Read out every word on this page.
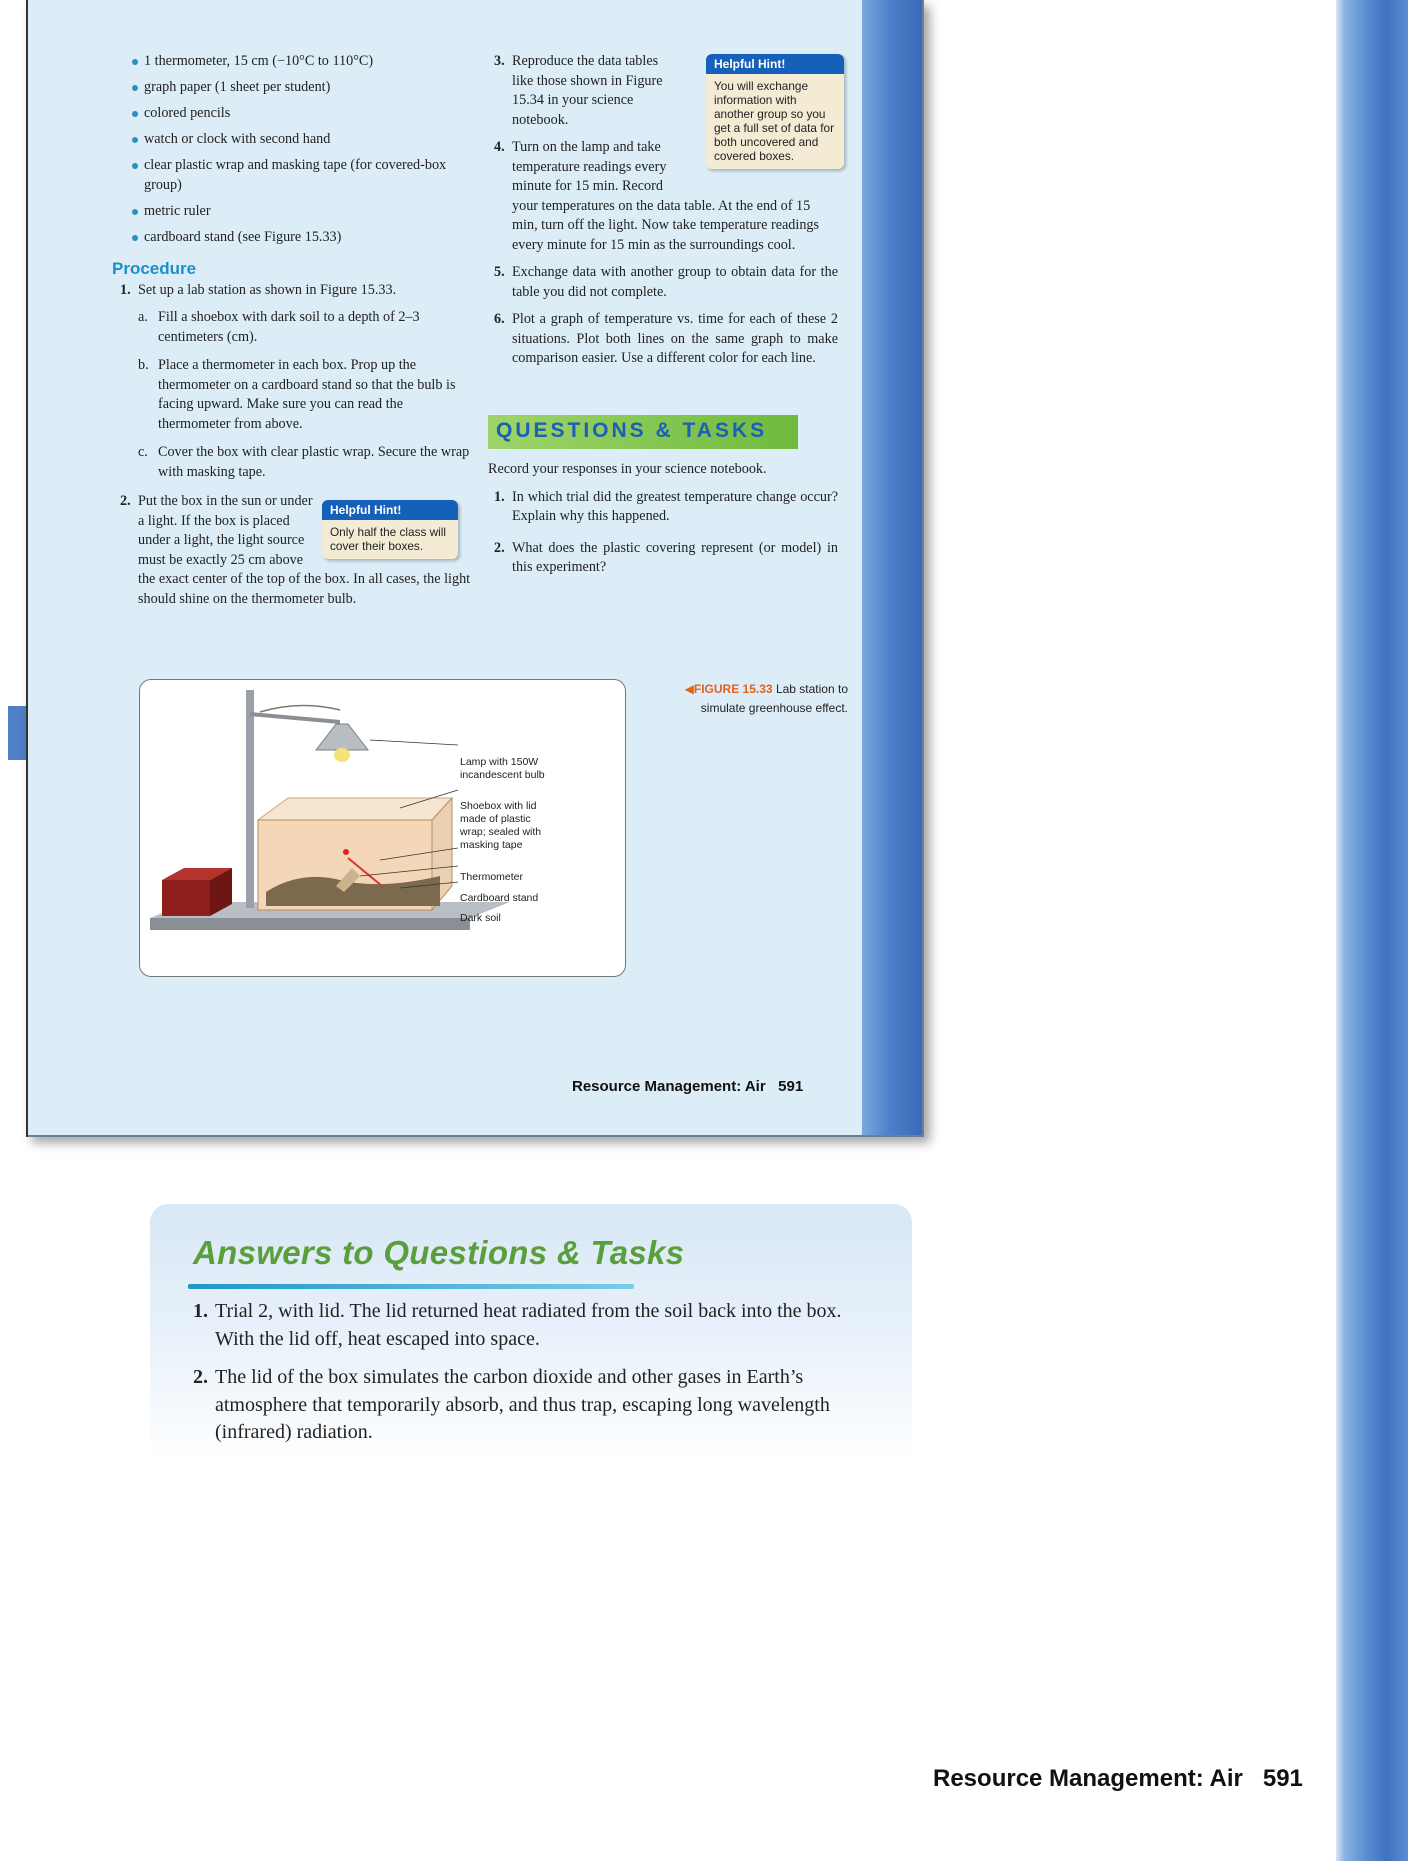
1 thermometer, 15 cm (−10°C to 110°C)
graph paper (1 sheet per student)
colored pencils
watch or clock with second hand
clear plastic wrap and masking tape (for covered-box group)
metric ruler
cardboard stand (see Figure 15.33)
Procedure
1. Set up a lab station as shown in Figure 15.33.
a. Fill a shoebox with dark soil to a depth of 2–3 centimeters (cm).
b. Place a thermometer in each box. Prop up the thermometer on a cardboard stand so that the bulb is facing upward. Make sure you can read the thermometer from above.
c. Cover the box with clear plastic wrap. Secure the wrap with masking tape.
2. Put the box in the sun or under a light. If the box is placed under a light, the light source must be exactly 25 cm above the exact center of the top of the box. In all cases, the light should shine on the thermometer bulb.
Helpful Hint!
Only half the class will cover their boxes.
3. Reproduce the data tables like those shown in Figure 15.34 in your science notebook.
4. Turn on the lamp and take temperature readings every minute for 15 min. Record your temperatures on the data table. At the end of 15 min, turn off the light. Now take temperature readings every minute for 15 min as the surroundings cool.
5. Exchange data with another group to obtain data for the table you did not complete.
6. Plot a graph of temperature vs. time for each of these 2 situations. Plot both lines on the same graph to make comparison easier. Use a different color for each line.
Helpful Hint!
You will exchange information with another group so you get a full set of data for both uncovered and covered boxes.
QUESTIONS & TASKS
Record your responses in your science notebook.
1. In which trial did the greatest temperature change occur? Explain why this happened.
2. What does the plastic covering represent (or model) in this experiment?
Lamp with 150W incandescent bulb
Shoebox with lid made of plastic wrap; sealed with masking tape
Thermometer
Cardboard stand
Dark soil
◀FIGURE 15.33 Lab station to simulate greenhouse effect.
Resource Management: Air   591
Answers to Questions & Tasks
1. Trial 2, with lid. The lid returned heat radiated from the soil back into the box. With the lid off, heat escaped into space.
2. The lid of the box simulates the carbon dioxide and other gases in Earth’s atmosphere that temporarily absorb, and thus trap, escaping long wavelength (infrared) radiation.
Resource Management: Air   591
